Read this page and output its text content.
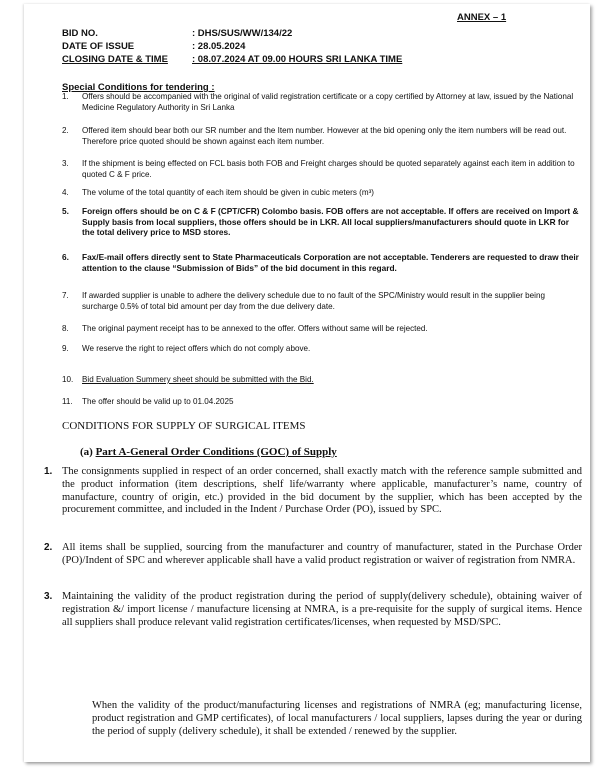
ANNEX – 1
BID NO.	: DHS/SUS/WW/134/22
DATE OF ISSUE	: 28.05.2024
CLOSING DATE & TIME	: 08.07.2024 AT 09.00 HOURS SRI LANKA TIME
Special Conditions for tendering :
1.	Offers should be accompanied with the original of valid registration certificate or a copy certified by Attorney at law, issued by the National Medicine Regulatory Authority in Sri Lanka
2.	Offered item should bear both our SR number and the Item number. However at the bid opening only the item numbers will be read out. Therefore price quoted should be shown against each item number.
3.	If the shipment is being effected on FCL basis both FOB and Freight charges should be quoted separately against each item in addition to quoted C & F price.
4.	The volume of the total quantity of each item should be given in cubic meters (m³)
5.	Foreign offers should be on C & F (CPT/CFR) Colombo basis. FOB offers are not acceptable. If offers are received on Import & Supply basis from local suppliers, those offers should be in LKR. All local suppliers/manufacturers should quote in LKR for the total delivery price to MSD stores.
6.	Fax/E-mail offers directly sent to State Pharmaceuticals Corporation are not acceptable. Tenderers are requested to draw their attention to the clause “Submission of Bids” of the bid document in this regard.
7.	If awarded supplier is unable to adhere the delivery schedule due to no fault of the SPC/Ministry would result in the supplier being surcharge 0.5% of total bid amount per day from the due delivery date.
8.	The original payment receipt has to be annexed to the offer. Offers without same will be rejected.
9.	We reserve the right to reject offers which do not comply above.
10.	Bid Evaluation Summery sheet should be submitted with the Bid.
11.	The offer should be valid up to 01.04.2025
CONDITIONS FOR SUPPLY OF SURGICAL ITEMS
(a) Part A-General Order Conditions (GOC) of Supply
1. The consignments supplied in respect of an order concerned, shall exactly match with the reference sample submitted and the product information (item descriptions, shelf life/warranty where applicable, manufacturer’s name, country of manufacture, country of origin, etc.) provided in the bid document by the supplier, which has been accepted by the procurement committee, and included in the Indent / Purchase Order (PO), issued by SPC.
2. All items shall be supplied, sourcing from the manufacturer and country of manufacturer, stated in the Purchase Order (PO)/Indent of SPC and wherever applicable shall have a valid product registration or waiver of registration from NMRA.
3. Maintaining the validity of the product registration during the period of supply(delivery schedule), obtaining waiver of registration &/ import license / manufacture licensing at NMRA, is a pre-requisite for the supply of surgical items. Hence all suppliers shall produce relevant valid registration certificates/licenses, when requested by MSD/SPC.
When the validity of the product/manufacturing licenses and registrations of NMRA (eg; manufacturing license, product registration and GMP certificates), of local manufacturers / local suppliers, lapses during the year or during the period of supply (delivery schedule), it shall be extended / renewed by the supplier.
